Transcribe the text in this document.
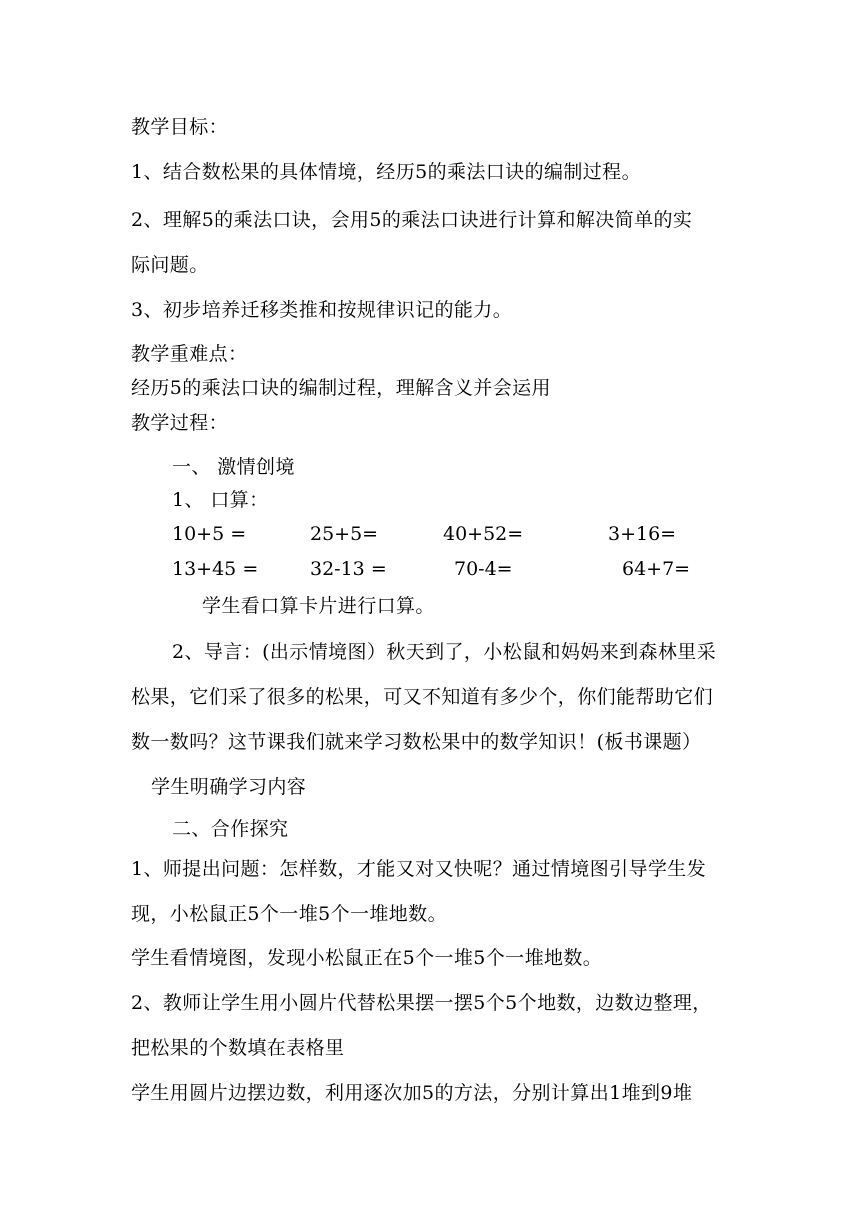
教学目标：
1、结合数松果的具体情境，经历5的乘法口诀的编制过程。
2、理解5的乘法口诀，会用5的乘法口诀进行计算和解决简单的实
际问题。
3、初步培养迁移类推和按规律识记的能力。
教学重难点：
经历5的乘法口诀的编制过程，理解含义并会运用
教学过程：
一、 激情创境
1、 口算：
10+5 =	25+5=	40+52=	3+16=
13+45 =	32-13 =	70-4=	64+7=
学生看口算卡片进行口算。
2、导言：(出示情境图）秋天到了，小松鼠和妈妈来到森林里采
松果，它们采了很多的松果，可又不知道有多少个，你们能帮助它们
数一数吗？这节课我们就来学习数松果中的数学知识！(板书课题）
学生明确学习内容
二、合作探究
1、师提出问题：怎样数，才能又对又快呢？通过情境图引导学生发
现，小松鼠正5个一堆5个一堆地数。
学生看情境图，发现小松鼠正在5个一堆5个一堆地数。
2、教师让学生用小圆片代替松果摆一摆5个5个地数，边数边整理，
把松果的个数填在表格里
学生用圆片边摆边数，利用逐次加5的方法，分别计算出1堆到9堆
